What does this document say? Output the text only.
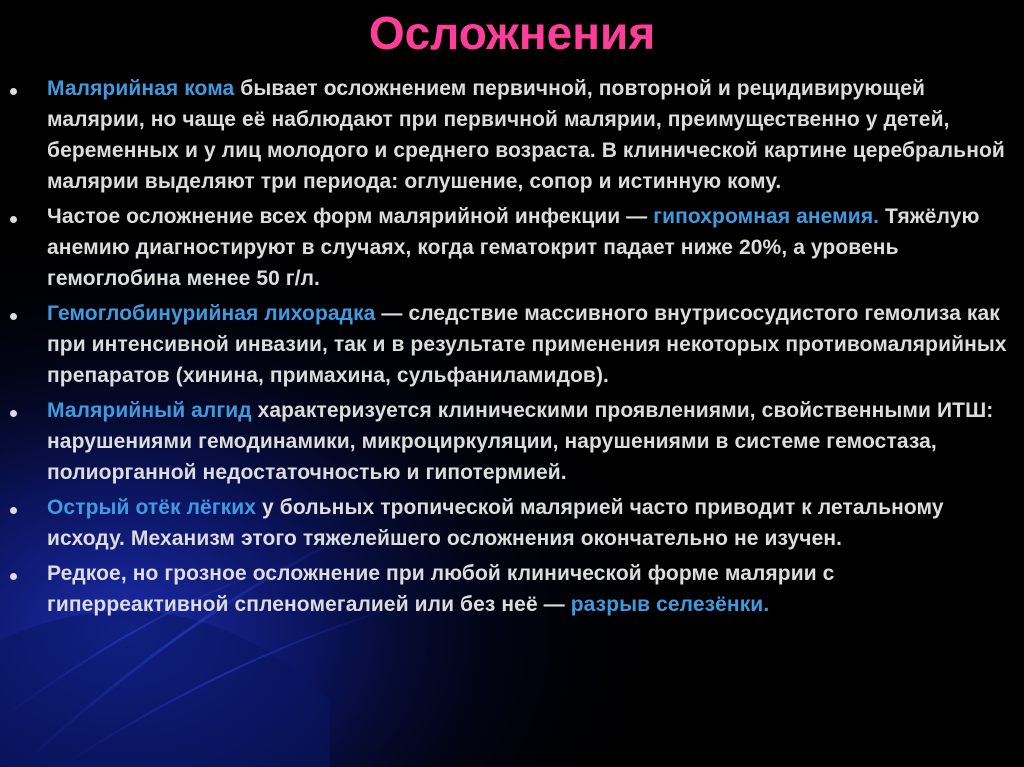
Осложнения
Малярийная кома бывает осложнением первичной, повторной и рецидивирующей малярии, но чаще её наблюдают при первичной малярии, преимущественно у детей, беременных и у лиц молодого и среднего возраста. В клинической картине церебральной малярии выделяют три периода: оглушение, сопор и истинную кому.
Частое осложнение всех форм малярийной инфекции — гипохромная анемия. Тяжёлую анемию диагностируют в случаях, когда гематокрит падает ниже 20%, а уровень гемоглобина менее 50 г/л.
Гемоглобинурийная лихорадка — следствие массивного внутрисосудистого гемолиза как при интенсивной инвазии, так и в результате применения некоторых противомалярийных препаратов (хинина, примахина, сульфаниламидов).
Малярийный алгид характеризуется клиническими проявлениями, свойственными ИТШ: нарушениями гемодинамики, микроциркуляции, нарушениями в системе гемостаза, полиорганной недостаточностью и гипотермией.
Острый отёк лёгких у больных тропической малярией часто приводит к летальному исходу. Механизм этого тяжелейшего осложнения окончательно не изучен.
Редкое, но грозное осложнение при любой клинической форме малярии с гиперреактивной спленомегалией или без неё — разрыв селезёнки.
